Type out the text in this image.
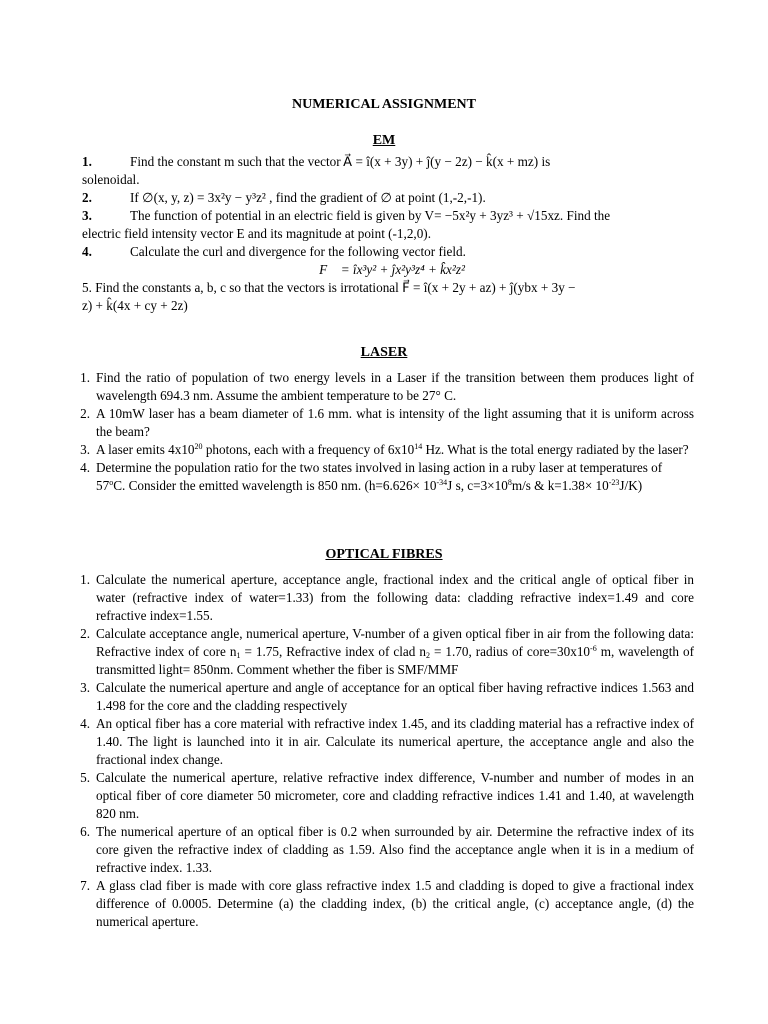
NUMERICAL ASSIGNMENT
EM
1.	Find the constant m such that the vector A⃗ = î(x + 3y) + ĵ(y − 2z) − k̂(x + mz) is
solenoidal.
2.	If ∅(x, y, z) = 3x²y − y³z² , find the gradient of ∅ at point (1,-2,-1).
3.	The function of potential in an electric field is given by V= −5x²y + 3yz³ + √15xz. Find the
electric field intensity vector E and its magnitude at point (-1,2,0).
4.	Calculate the curl and divergence for the following vector field.
F⃗ = îx³y² + ĵx²y³z⁴ + k̂x²z²
5. Find the constants a, b, c so that the vectors is irrotational F⃗ = î(x + 2y + az) + ĵ(ybx + 3y −
z) + k̂(4x + cy + 2z)
LASER
1. Find the ratio of population of two energy levels in a Laser if the transition between them produces light of wavelength 694.3 nm. Assume the ambient temperature to be 27° C.
2. A 10mW laser has a beam diameter of 1.6 mm. what is intensity of the light assuming that it is uniform across the beam?
3. A laser emits $4x10^{20}$ photons, each with a frequency of $6x10^{14}$ Hz. What is the total energy radiated by the laser?
4. Determine the population ratio for the two states involved in lasing action in a ruby laser at temperatures of 57$^o$C. Consider the emitted wavelength is 850 nm. ($h=6.626\times 10^{-34}J$ s, $c=3\times 10^8m/s$ & $k=1.38\times 10^{-23}J/K$)
OPTICAL FIBRES
1. Calculate the numerical aperture, acceptance angle, fractional index and the critical angle of optical fiber in water (refractive index of water=1.33) from the following data: cladding refractive index=1.49 and core refractive index=1.55.
2. Calculate acceptance angle, numerical aperture, V-number of a given optical fiber in air from the following data: Refractive index of core $n_1 = 1.75$, Refractive index of clad $n_2 = 1.70$, radius of $core=30x10^{-6}$ m, wavelength of transmitted light= 850nm. Comment whether the fiber is SMF/MMF
3. Calculate the numerical aperture and angle of acceptance for an optical fiber having refractive indices 1.563 and 1.498 for the core and the cladding respectively
4. An optical fiber has a core material with refractive index 1.45, and its cladding material has a refractive index of 1.40. The light is launched into it in air. Calculate its numerical aperture, the acceptance angle and also the fractional index change.
5. Calculate the numerical aperture, relative refractive index difference, V-number and number of modes in an optical fiber of core diameter 50 micrometer, core and cladding refractive indices 1.41 and 1.40, at wavelength 820 nm.
6. The numerical aperture of an optical fiber is 0.2 when surrounded by air. Determine the refractive index of its core given the refractive index of cladding as 1.59. Also find the acceptance angle when it is in a medium of refractive index. 1.33.
7. A glass clad fiber is made with core glass refractive index 1.5 and cladding is doped to give a fractional index difference of 0.0005. Determine (a) the cladding index, (b) the critical angle, (c) acceptance angle, (d) the numerical aperture.
